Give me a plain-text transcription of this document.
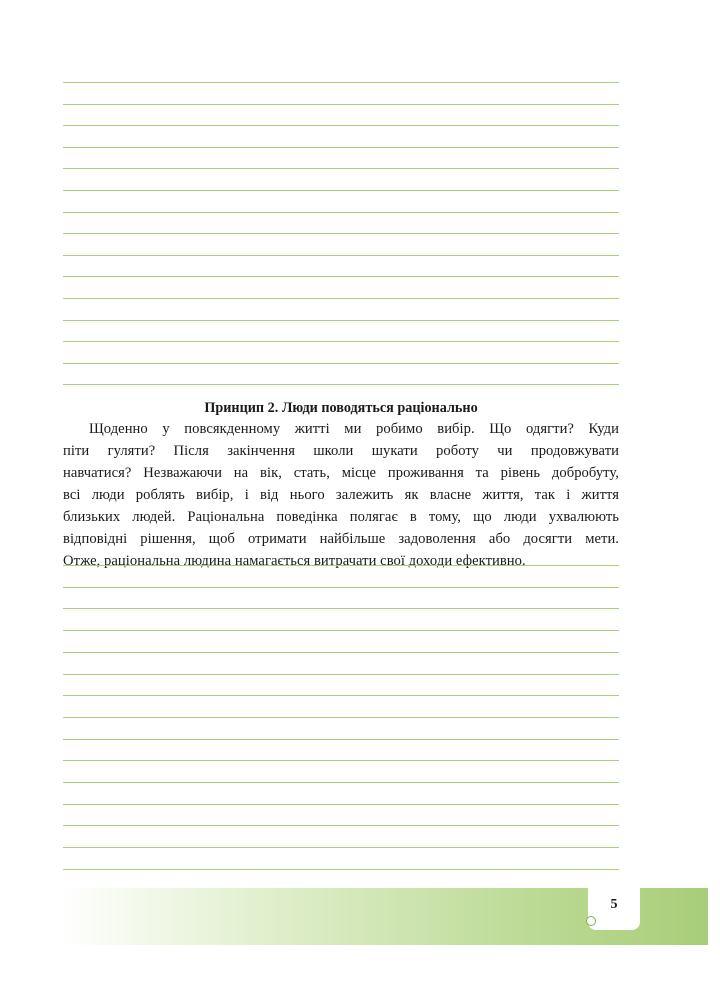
Принцип 2. Люди поводяться раціонально

Щоденно у повсякденному житті ми робимо вибір. Що одягти? Куди

піти гуляти? Після закінчення школи шукати роботу чи продовжувати

навчатися? Незважаючи на вік, стать, місце проживання та рівень добробуту,

всі люди роблять вибір, і від нього залежить як власне життя, так і життя

близьких людей. Раціональна поведінка полягає в тому, що люди ухвалюють

відповідні рішення, щоб отримати найбільше задоволення або досягти мети.

Отже, раціональна людина намагається витрачати свої доходи ефективно.

5
